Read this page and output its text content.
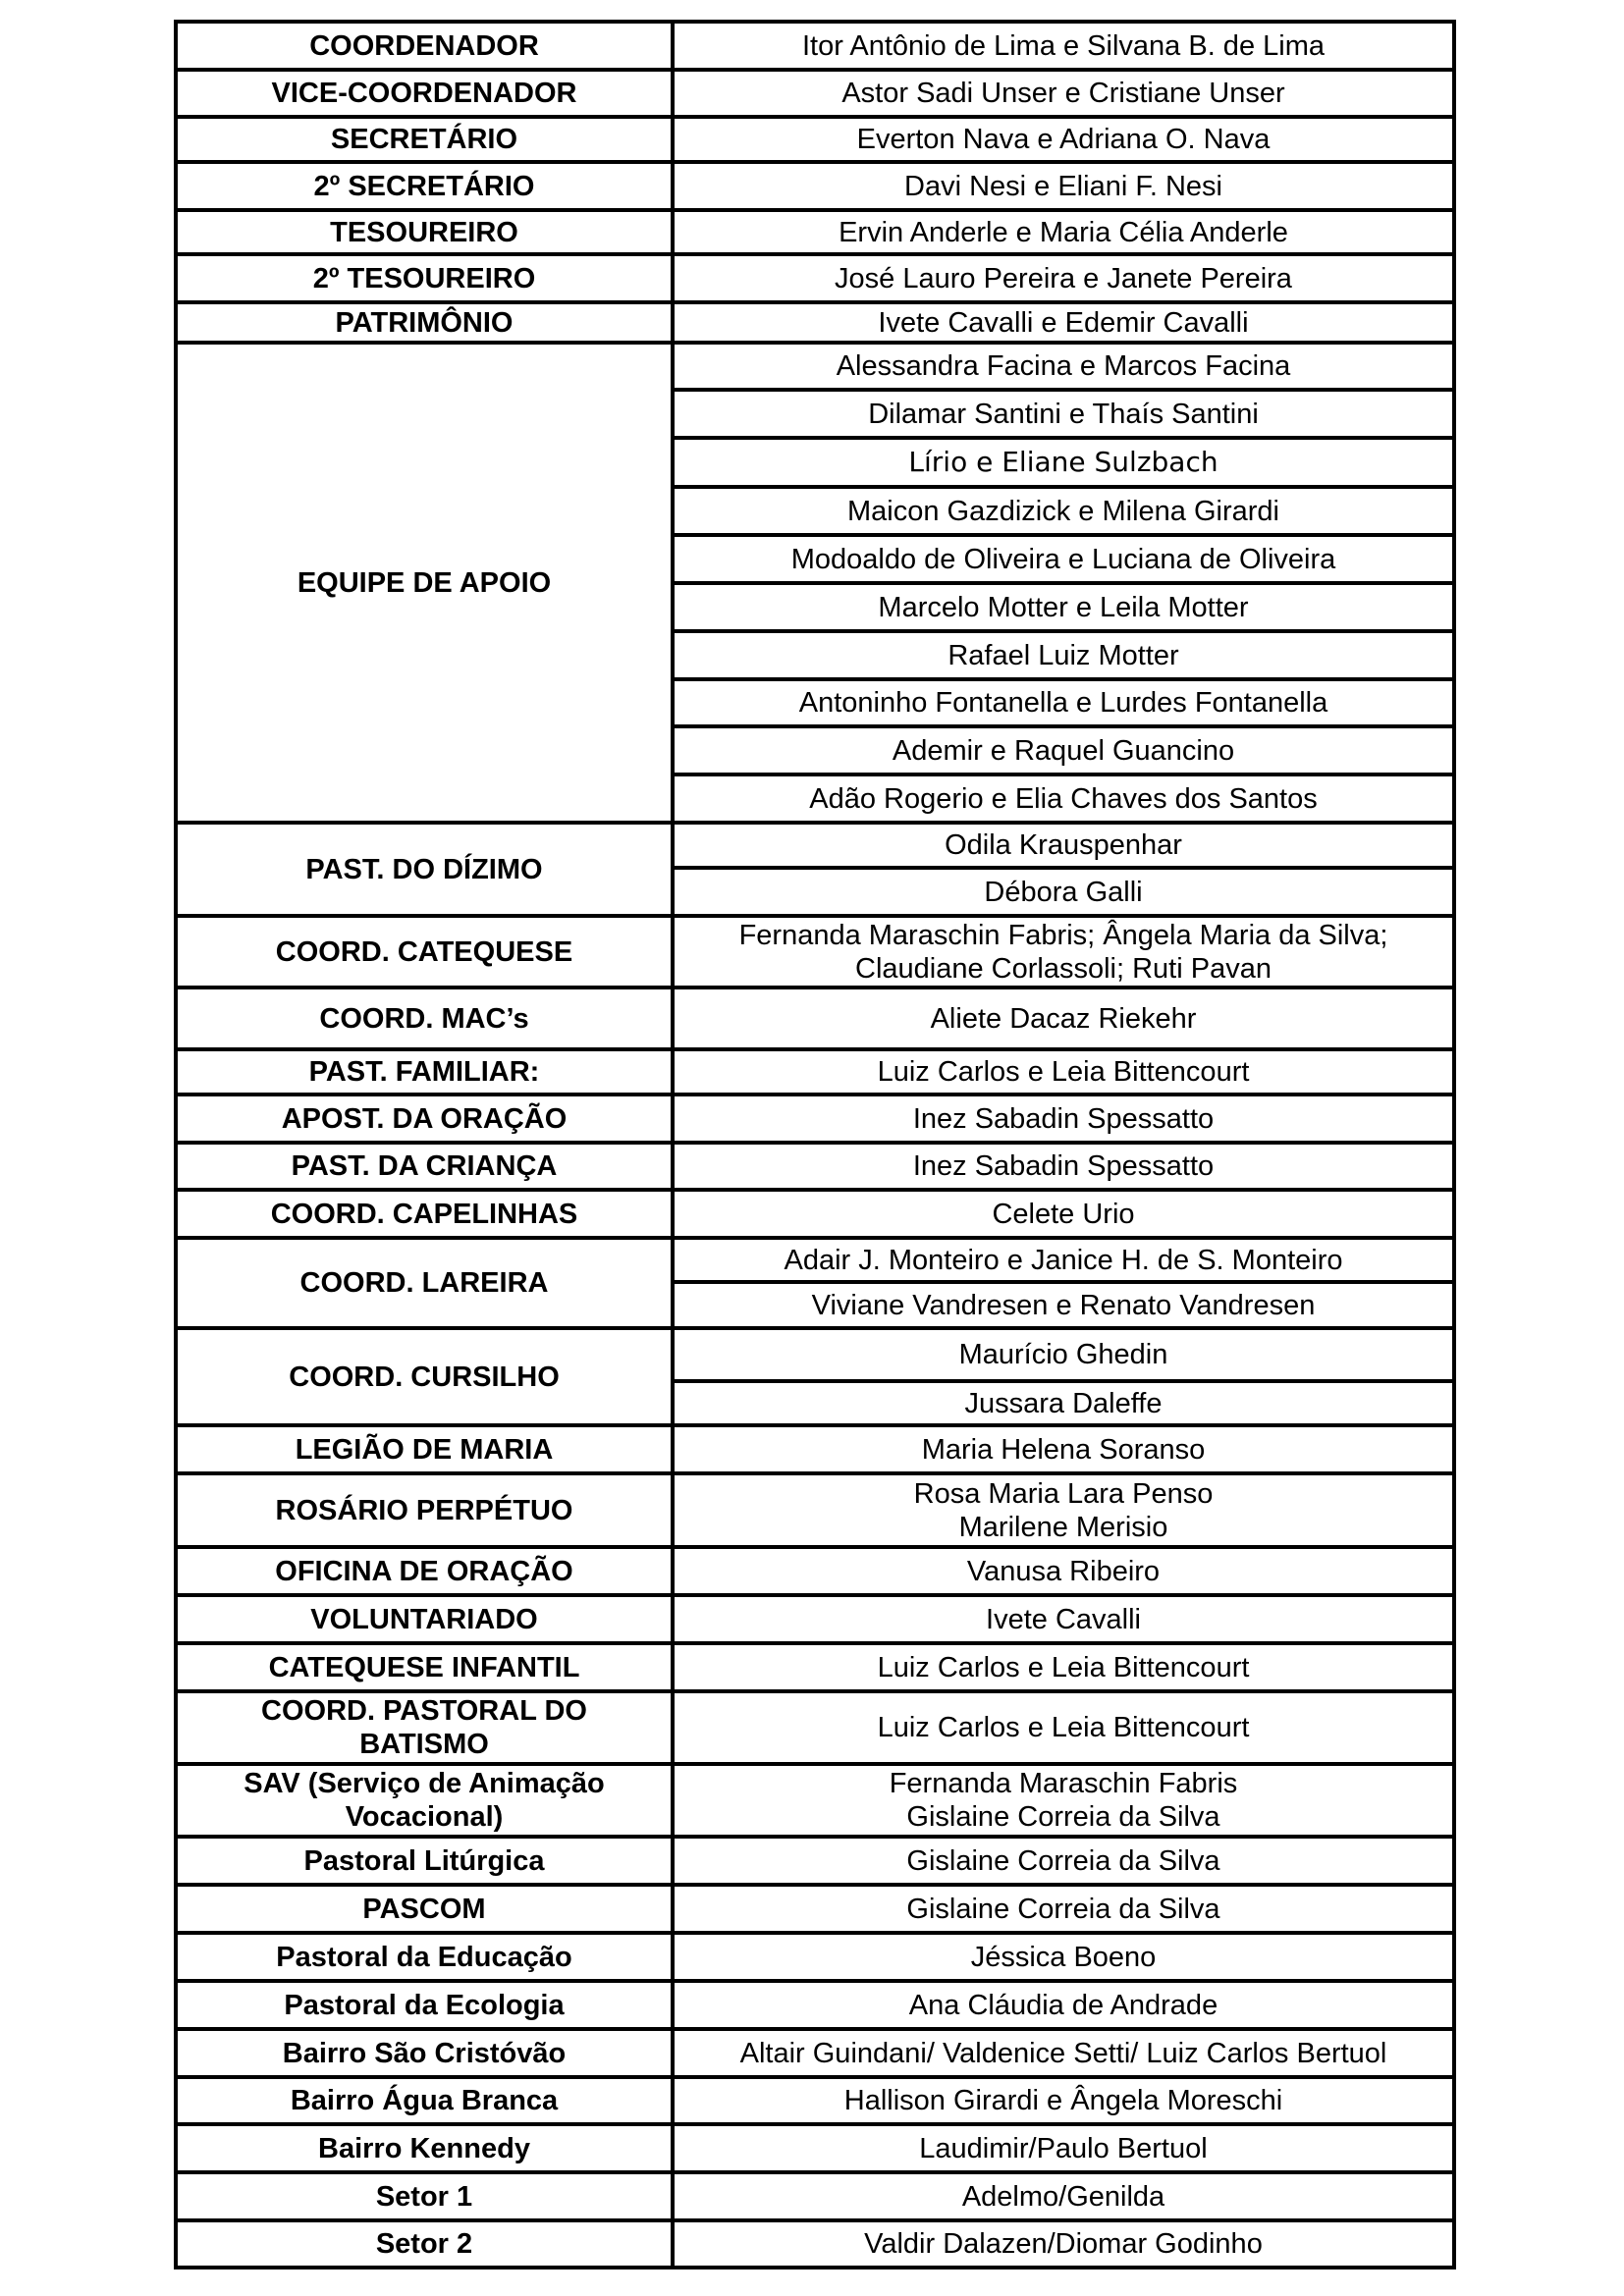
COORDENADOR	Itor Antônio de Lima e Silvana B. de Lima

VICE-COORDENADOR	Astor Sadi Unser e Cristiane Unser

SECRETÁRIO	Everton Nava e Adriana O. Nava

2º SECRETÁRIO	Davi Nesi e Eliani F. Nesi

TESOUREIRO	Ervin Anderle e Maria Célia Anderle

2º TESOUREIRO	José Lauro Pereira e Janete Pereira

PATRIMÔNIO	Ivete Cavalli e Edemir Cavalli

EQUIPE DE APOIO	Alessandra Facina e Marcos Facina

	Dilamar Santini e Thaís Santini

	Lírio e Eliane Sulzbach

	Maicon Gazdizick e Milena Girardi

	Modoaldo de Oliveira e Luciana de Oliveira

	Marcelo Motter e Leila Motter

	Rafael Luiz Motter

	Antoninho Fontanella e Lurdes Fontanella

	Ademir e Raquel Guancino

	Adão Rogerio e Elia Chaves dos Santos

PAST. DO DÍZIMO	Odila Krauspenhar

	Débora Galli

COORD. CATEQUESE	Fernanda Maraschin Fabris; Ângela Maria da Silva;
Claudiane Corlassoli; Ruti Pavan

COORD. MAC’s	Aliete Dacaz Riekehr

PAST. FAMILIAR:	Luiz Carlos e Leia Bittencourt

APOST. DA ORAÇÃO	Inez Sabadin Spessatto

PAST. DA CRIANÇA	Inez Sabadin Spessatto

COORD. CAPELINHAS	Celete Urio

COORD. LAREIRA	Adair J. Monteiro e Janice H. de S. Monteiro

	Viviane Vandresen e Renato Vandresen

COORD. CURSILHO	Maurício Ghedin

	Jussara Daleffe

LEGIÃO DE MARIA	Maria Helena Soranso

ROSÁRIO PERPÉTUO	Rosa Maria Lara Penso
Marilene Merisio

OFICINA DE ORAÇÃO	Vanusa Ribeiro

VOLUNTARIADO	Ivete Cavalli

CATEQUESE INFANTIL	Luiz Carlos e Leia Bittencourt

COORD. PASTORAL DO
BATISMO	Luiz Carlos e Leia Bittencourt

SAV (Serviço de Animação
Vocacional)	Fernanda Maraschin Fabris
Gislaine Correia da Silva

Pastoral Litúrgica	Gislaine Correia da Silva

PASCOM	Gislaine Correia da Silva

Pastoral da Educação	Jéssica Boeno

Pastoral da Ecologia	Ana Cláudia de Andrade

Bairro São Cristóvão	Altair Guindani/ Valdenice Setti/ Luiz Carlos Bertuol

Bairro Água Branca	Hallison Girardi e Ângela Moreschi

Bairro Kennedy	Laudimir/Paulo Bertuol

Setor 1	Adelmo/Genilda

Setor 2	Valdir Dalazen/Diomar Godinho
